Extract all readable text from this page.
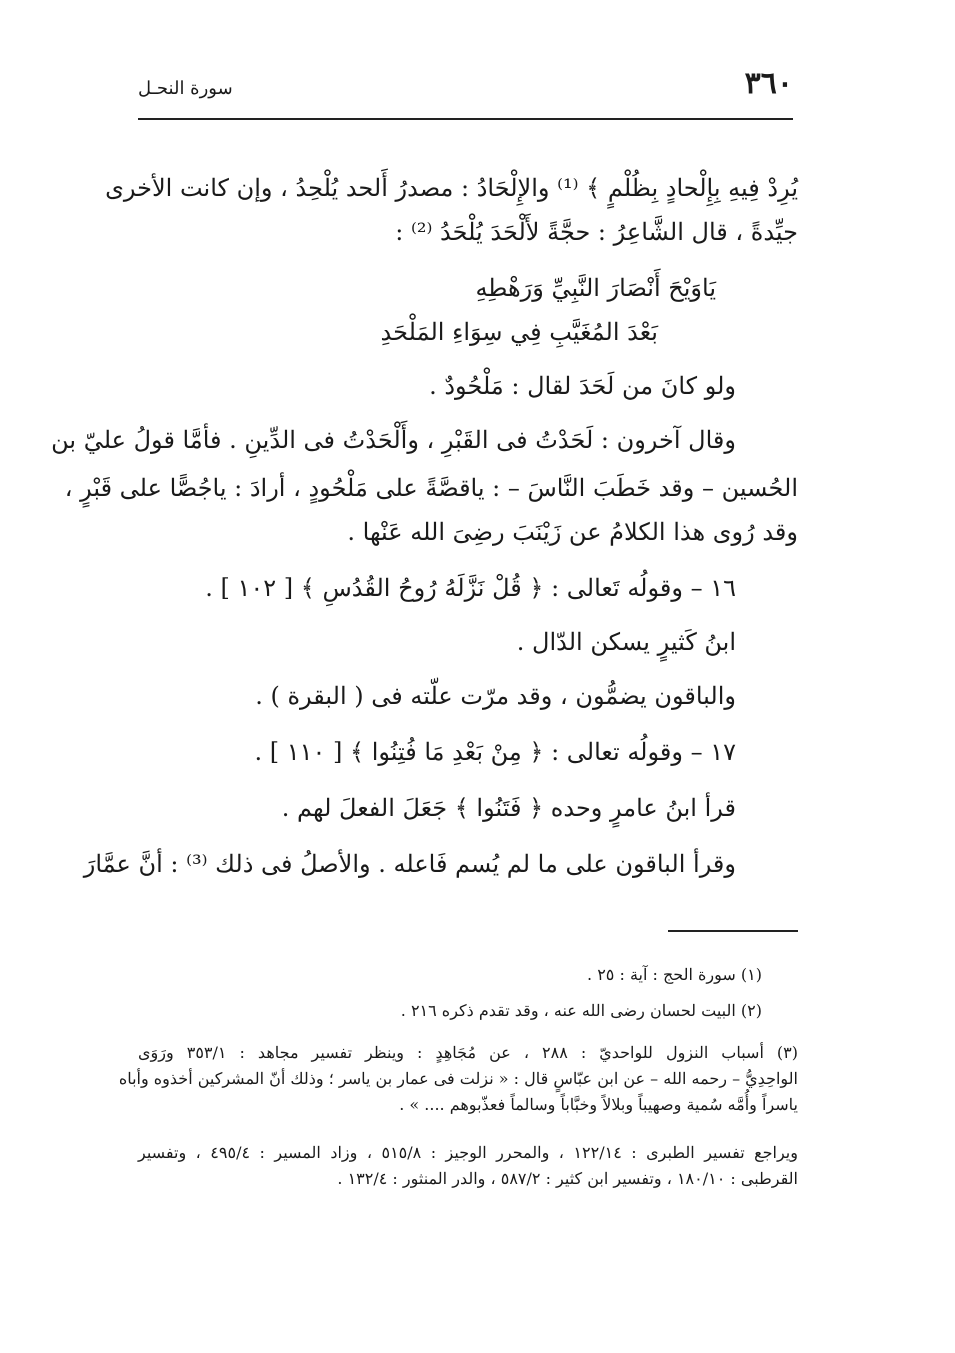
٣٦٠
سورة النحـل
يُرِدْ فِيهِ بِإِلْحادٍ بِظُلْمٍ ﴾ ⁽¹⁾ والإِلْحَادُ : مصدرُ أَلحد يُلْحِدُ ، وإن كانت الأخرى
جيِّدةً ، قال الشَّاعِرُ : حجَّةً لأَلْحَدَ يُلْحَدُ ⁽²⁾ :
يَاوَيْحَ أَنْصَارَ النَّبِيِّ وَرَهْطِهِ
بَعْدَ المُغَيَّبِ فِي سِوَاءِ المَلْحَدِ
ولو كانَ من لَحَدَ لقال : مَلْحُودٌ .
وقال آخرون : لَحَدْتُ فى القَبْرِ ، وأَلْحَدْتُ فى الدِّينِ . فأمَّا قولُ عليّ بن
الحُسين – وقد خَطَبَ النَّاسَ – : ياقصَّةً على مَلْحُودٍ ، أرادَ : ياجُصًّا على قَبْرٍ ،
وقد رُوى هذا الكلامُ عن زَيْنَبَ رضِىَ الله عَنْها .
١٦ – وقولُه تَعالى : ﴿ قُلْ نَزَّلَهُ رُوحُ القُدُسِ ﴾ [ ١٠٢ ] .
ابنُ كَثيرٍ يسكن الدّال .
والباقون يضمُّون ، وقد مرّت علّته فى ( البقرة ) .
١٧ – وقولُه تعالى : ﴿ مِنْ بَعْدِ مَا فُتِنُوا ﴾ [ ١١٠ ] .
قرأ ابنُ عامرٍ وحده ﴿ فَتَنُوا ﴾ جَعَلَ الفعلَ لهم .
وقرأ الباقون على ما لم يُسم فَاعله . والأصلُ فى ذلك ⁽³⁾ : أنَّ عمَّارَ
(١) سورة الحج : آية : ٢٥ .
(٢) البيت لحسان رضى الله عنه ، وقد تقدم ذكره ٢١٦ .
(٣) أسباب النزول للواحديّ : ٢٨٨ ، عن مُجَاهِدٍ : وينظر تفسير مجاهد : ٣٥٣/١ ورَوَى
الواحِدِيُّ – رحمه الله – عن ابن عبّاسٍ قال : « نزلت فى عمار بن ياسر ؛ وذلك أنّ المشركين أخذوه وأباه
ياسراً وأُمَّه سُمية وصهيباً وبلالاً وخبَّاباً وسالماً فعذّبوهم .... » .
ويراجع تفسير الطبرى : ١٢٢/١٤ ، والمحرر الوجيز : ٥١٥/٨ ، وزاد المسير : ٤٩٥/٤ ، وتفسير
القرطبى : ١٨٠/١٠ ، وتفسير ابن كثير : ٥٨٧/٢ ، والدر المنثور : ١٣٢/٤ .
